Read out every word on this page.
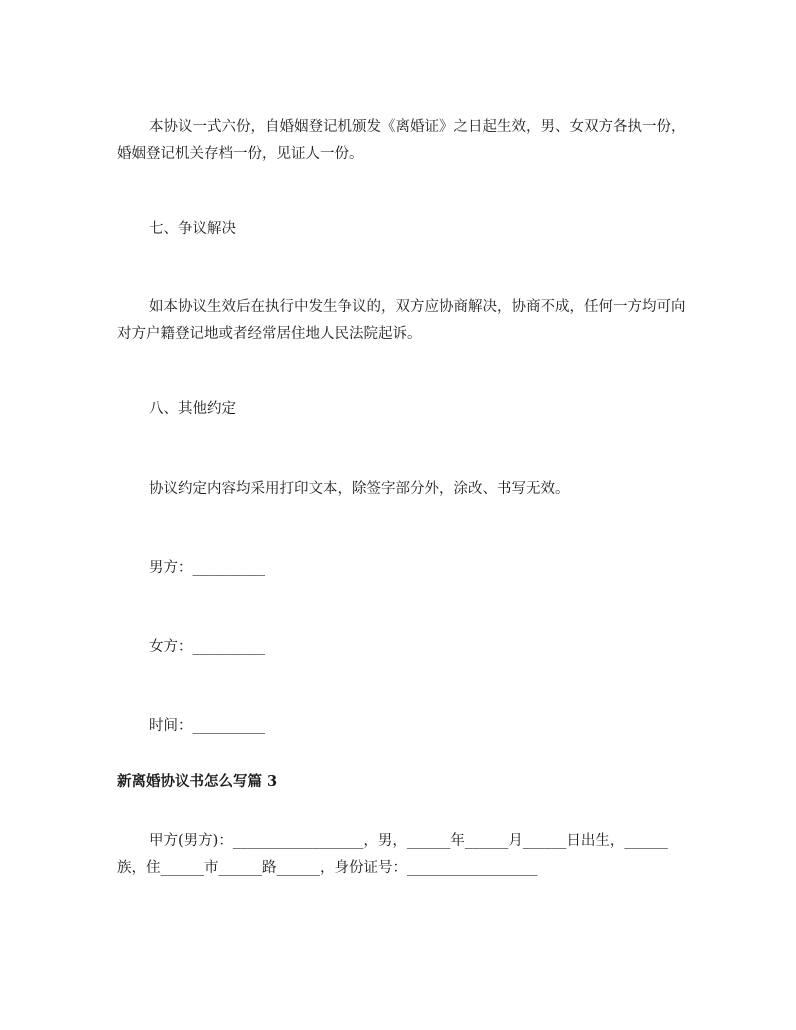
本协议一式六份，自婚姻登记机颁发《离婚证》之日起生效，男、女双方各执一份，婚姻登记机关存档一份，见证人一份。

七、争议解决

如本协议生效后在执行中发生争议的，双方应协商解决，协商不成，任何一方均可向对方户籍登记地或者经常居住地人民法院起诉。

八、其他约定

协议约定内容均采用打印文本，除签字部分外，涂改、书写无效。

男方：__________

女方：__________

时间：__________

新离婚协议书怎么写篇 3

甲方(男方)：__________________，男，______年______月______日出生，______族，住______市______路______，身份证号：__________________
